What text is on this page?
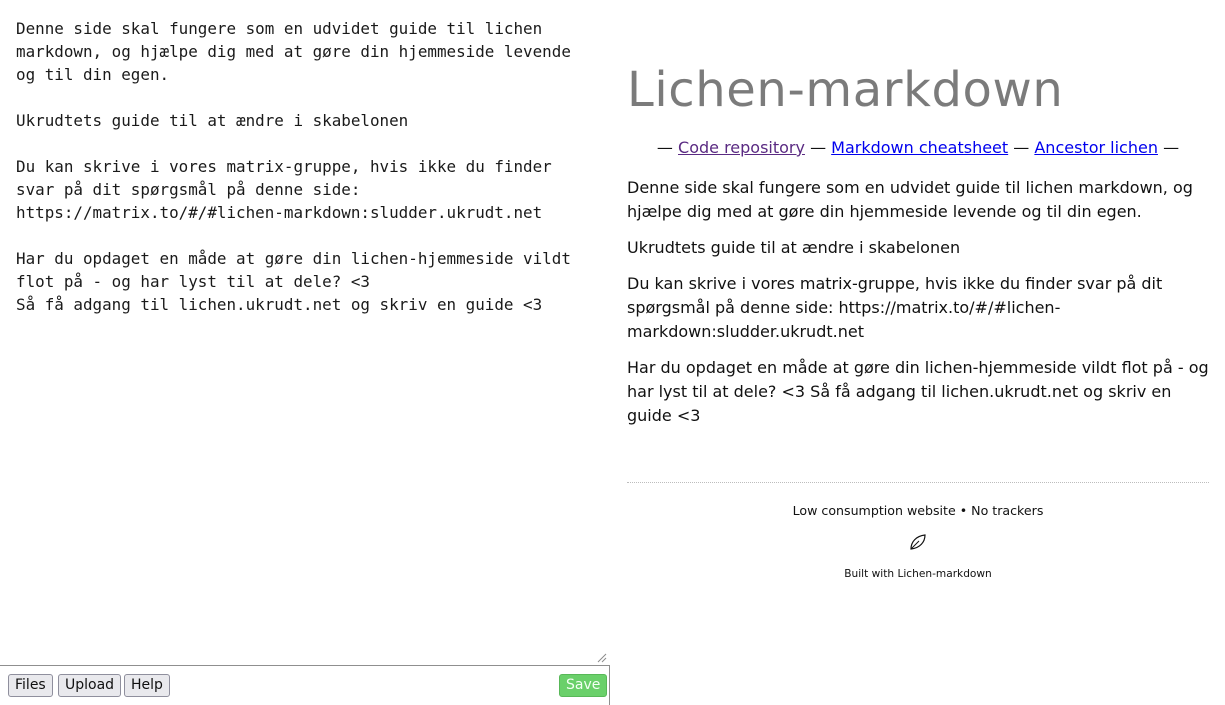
Denne side skal fungere som en udvidet guide til lichen markdown, og hjælpe dig med at gøre din hjemmeside levende og til din egen. Ukrudtets guide til at ændre i skabelonen Du kan skrive i vores matrix-gruppe, hvis ikke du finder svar på dit spørgsmål på denne side: https://matrix.to/#/#lichen-markdown:sludder.ukrudt.net Har du opdaget en måde at gøre din lichen-hjemmeside vildt flot på - og har lyst til at dele? <3 Så få adgang til lichen.ukrudt.net og skriv en guide <3
Files	Upload	Help	Save
Lichen-markdown
— Code repository — Markdown cheatsheet — Ancestor lichen —

Denne side skal fungere som en udvidet guide til lichen markdown, og hjælpe dig med at gøre din hjemmeside levende og til din egen.

Ukrudtets guide til at ændre i skabelonen

Du kan skrive i vores matrix-gruppe, hvis ikke du finder svar på dit spørgsmål på denne side: https://matrix.to/#/#lichen-markdown:sludder.ukrudt.net

Har du opdaget en måde at gøre din lichen-hjemmeside vildt flot på - og har lyst til at dele? <3 Så få adgang til lichen.ukrudt.net og skriv en guide <3

Low consumption website • No trackers
Built with Lichen-markdown
